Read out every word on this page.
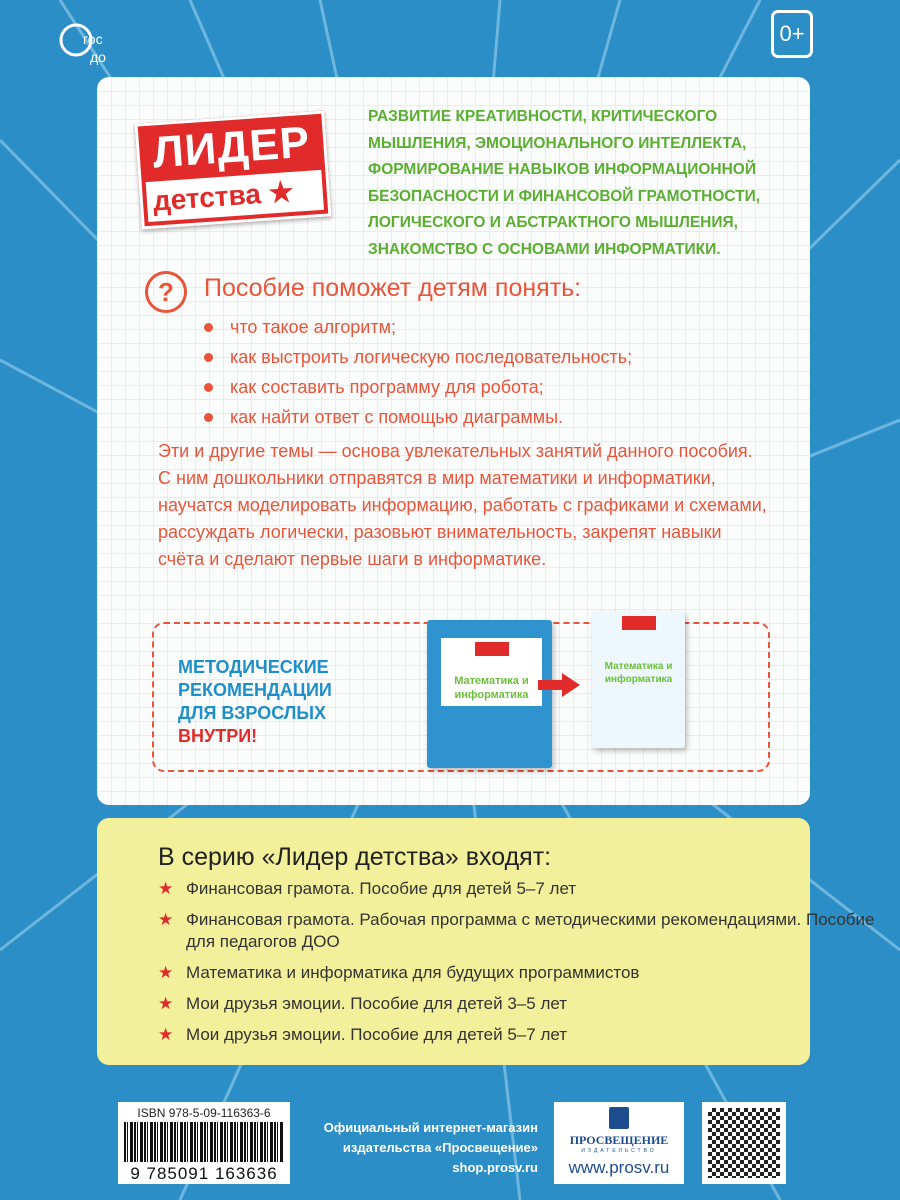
гос
до
0+
ЛИДЕР
детства ★
РАЗВИТИЕ КРЕАТИВНОСТИ, КРИТИЧЕСКОГО МЫШЛЕНИЯ, ЭМОЦИОНАЛЬНОГО ИНТЕЛЛЕКТА, ФОРМИРОВАНИЕ НАВЫКОВ ИНФОРМАЦИОННОЙ БЕЗОПАСНОСТИ И ФИНАНСОВОЙ ГРАМОТНОСТИ, ЛОГИЧЕСКОГО И АБСТРАКТНОГО МЫШЛЕНИЯ, ЗНАКОМСТВО С ОСНОВАМИ ИНФОРМАТИКИ.
?	Пособие поможет детям понять:
что такое алгоритм;
как выстроить логическую последовательность;
как составить программу для робота;
как найти ответ с помощью диаграммы.
Эти и другие темы — основа увлекательных занятий данного пособия. С ним дошкольники отправятся в мир математики и информатики, научатся моделировать информацию, работать с графиками и схемами, рассуждать логически, разовьют внимательность, закрепят навыки счёта и сделают первые шаги в информатике.
МЕТОДИЧЕСКИЕ
РЕКОМЕНДАЦИИ
ДЛЯ ВЗРОСЛЫХ
ВНУТРИ!
Математика и информатика
Математика и информатика
В серию «Лидер детства» входят:
★ Финансовая грамота. Пособие для детей 5–7 лет
★ Финансовая грамота. Рабочая программа с методическими рекомендациями. Пособие для педагогов ДОО
★ Математика и информатика для будущих программистов
★ Мои друзья эмоции. Пособие для детей 3–5 лет
★ Мои друзья эмоции. Пособие для детей 5–7 лет
ISBN 978-5-09-116363-6
9 785091 163636
Официальный интернет-магазин
издательства «Просвещение»
shop.prosv.ru
ПРОСВЕЩЕНИЕ
ИЗДАТЕЛЬСТВО
www.prosv.ru
